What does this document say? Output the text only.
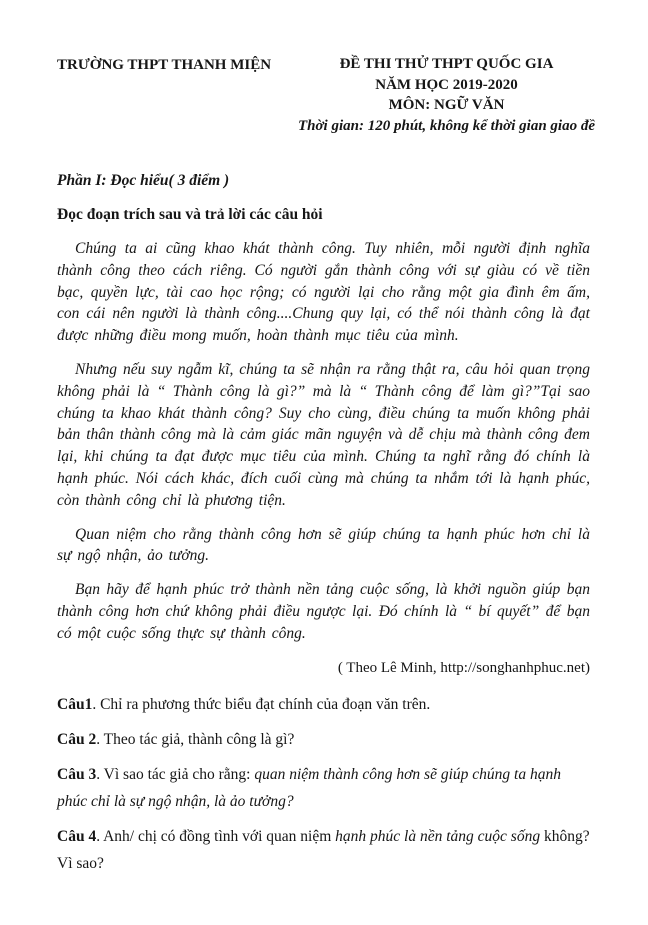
TRƯỜNG THPT THANH MIỆN	ĐỀ THI THỬ THPT QUỐC GIA
NĂM HỌC 2019-2020
MÔN: NGỮ VĂN
Thời gian: 120 phút, không kể thời gian giao đề
Phần I: Đọc hiểu( 3 điểm )
Đọc đoạn trích sau và trả lời các câu hỏi

Chúng ta ai cũng khao khát thành công. Tuy nhiên, mỗi người định nghĩa thành công theo cách riêng. Có người gắn thành công với sự giàu có về tiền bạc, quyền lực, tài cao học rộng; có người lại cho rằng một gia đình êm ấm, con cái nên người là thành công....Chung quy lại, có thể nói thành công là đạt được những điều mong muốn, hoàn thành mục tiêu của mình.

Nhưng nếu suy ngẫm kĩ, chúng ta sẽ nhận ra rằng thật ra, câu hỏi quan trọng không phải là “ Thành công là gì?” mà là “ Thành công để làm gì?”Tại sao chúng ta khao khát thành công? Suy cho cùng, điều chúng ta muốn không phải bản thân thành công mà là cảm giác mãn nguyện và dễ chịu mà thành công đem lại, khi chúng ta đạt được mục tiêu của mình. Chúng ta nghĩ rằng đó chính là hạnh phúc. Nói cách khác, đích cuối cùng mà chúng ta nhắm tới là hạnh phúc, còn thành công chỉ là phương tiện.

Quan niệm cho rằng thành công hơn sẽ giúp chúng ta hạnh phúc hơn chỉ là sự ngộ nhận, ảo tưởng.

Bạn hãy để hạnh phúc trở thành nền tảng cuộc sống, là khởi nguồn giúp bạn thành công hơn chứ không phải điều ngược lại. Đó chính là “ bí quyết” để bạn có một cuộc sống thực sự thành công.

( Theo Lê Minh, http://songhanhphuc.net)
Câu1. Chỉ ra phương thức biểu đạt chính của đoạn văn trên.
Câu 2. Theo tác giả, thành công là gì?
Câu 3. Vì sao tác giả cho rằng: quan niệm thành công hơn sẽ giúp chúng ta hạnh phúc chỉ là sự ngộ nhận, là ảo tưởng?
Câu 4. Anh/ chị có đồng tình với quan niệm hạnh phúc là nền tảng cuộc sống không? Vì sao?
